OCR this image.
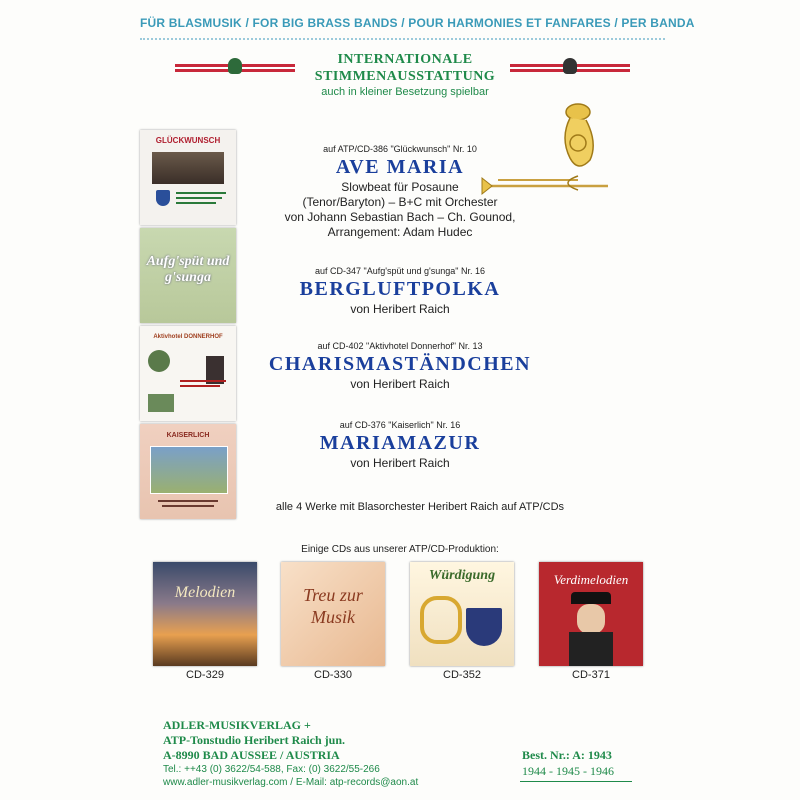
FÜR BLASMUSIK / FOR BIG BRASS BANDS / POUR HARMONIES ET FANFARES / PER BANDA
INTERNATIONALE
STIMMENAUSSTATTUNG
auch in kleiner Besetzung spielbar
GLÜCKWUNSCH
Aufg'spüt und g'sunga
Aktivhotel DONNERHOF
KAISERLICH
auf ATP/CD-386 "Glückwunsch" Nr. 10
AVE MARIA
Slowbeat für Posaune
(Tenor/Baryton) – B+C mit Orchester
von Johann Sebastian Bach – Ch. Gounod,
Arrangement: Adam Hudec
auf CD-347 "Aufg'spüt und g'sunga" Nr. 16
BERGLUFTPOLKA
von Heribert Raich
auf CD-402 "Aktivhotel Donnerhof" Nr. 13
CHARISMASTÄNDCHEN
von Heribert Raich
auf CD-376 "Kaiserlich" Nr. 16
MARIAMAZUR
von Heribert Raich
alle 4 Werke mit Blasorchester Heribert Raich auf ATP/CDs
Einige CDs aus unserer ATP/CD-Produktion:
Melodien
CD-329
Treu zur Musik
CD-330
Würdigung
CD-352
Verdimelodien
CD-371
ADLER-MUSIKVERLAG +
ATP-Tonstudio Heribert Raich jun.
A-8990 BAD AUSSEE / AUSTRIA
Tel.: ++43 (0) 3622/54-588, Fax: (0) 3622/55-266
www.adler-musikverlag.com / E-Mail: atp-records@aon.at
Best. Nr.: A: 1943
1944 - 1945 - 1946
